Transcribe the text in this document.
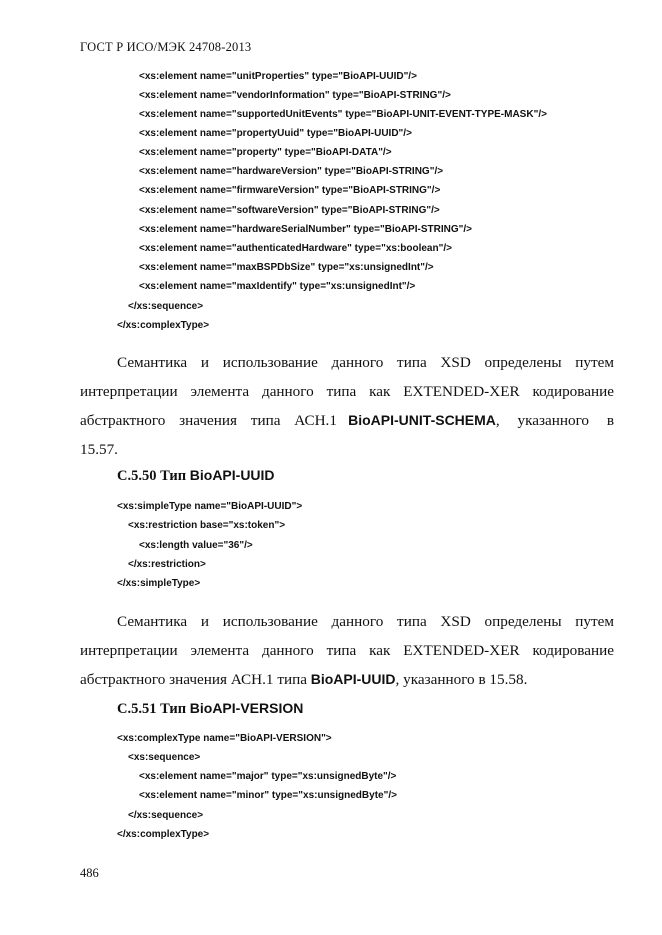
ГОСТ Р ИСО/МЭК 24708-2013
<xs:element name="unitProperties" type="BioAPI-UUID"/>
<xs:element name="vendorInformation" type="BioAPI-STRING"/>
<xs:element name="supportedUnitEvents" type="BioAPI-UNIT-EVENT-TYPE-MASK"/>
<xs:element name="propertyUuid" type="BioAPI-UUID"/>
<xs:element name="property" type="BioAPI-DATA"/>
<xs:element name="hardwareVersion" type="BioAPI-STRING"/>
<xs:element name="firmwareVersion" type="BioAPI-STRING"/>
<xs:element name="softwareVersion" type="BioAPI-STRING"/>
<xs:element name="hardwareSerialNumber" type="BioAPI-STRING"/>
<xs:element name="authenticatedHardware" type="xs:boolean"/>
<xs:element name="maxBSPDbSize" type="xs:unsignedInt"/>
<xs:element name="maxIdentify" type="xs:unsignedInt"/>
</xs:sequence>
</xs:complexType>
Семантика и использование данного типа XSD определены путем
интерпретации элемента данного типа как EXTENDED-XER кодирование
абстрактного значения типа АСН.1 BioAPI-UNIT-SCHEMA, указанного в
15.57.
С.5.50 Тип BioAPI-UUID
<xs:simpleType name="BioAPI-UUID">
<xs:restriction base="xs:token">
<xs:length value="36"/>
</xs:restriction>
</xs:simpleType>
Семантика и использование данного типа XSD определены путем
интерпретации элемента данного типа как EXTENDED-XER кодирование
абстрактного значения АСН.1 типа BioAPI-UUID, указанного в 15.58.
С.5.51 Тип BioAPI-VERSION
<xs:complexType name="BioAPI-VERSION">
<xs:sequence>
<xs:element name="major" type="xs:unsignedByte"/>
<xs:element name="minor" type="xs:unsignedByte"/>
</xs:sequence>
</xs:complexType>
486
